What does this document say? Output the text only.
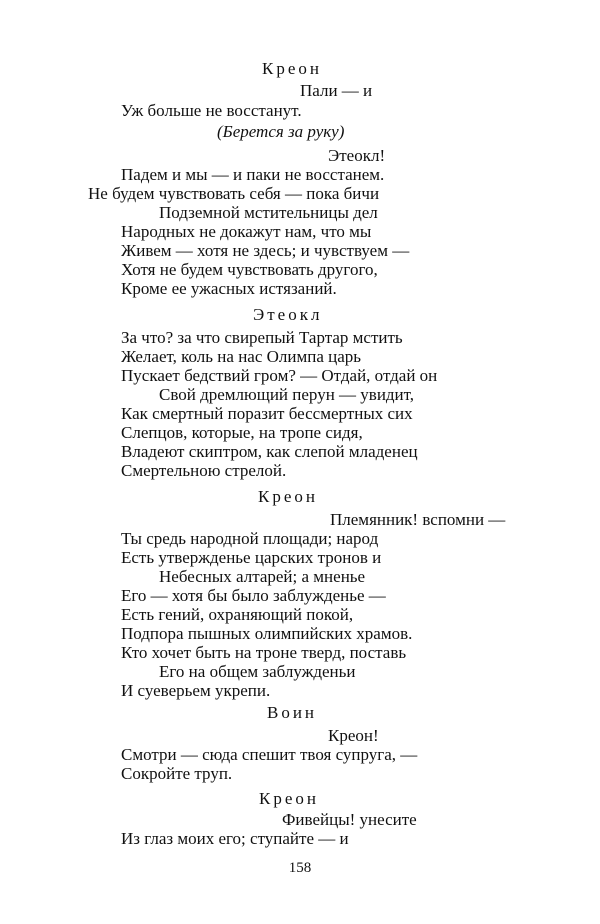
Креон
Пали — и
Уж больше не восстанут.
(Берется за руку)
Этеокл!
Падем и мы — и паки не восстанем.
Не будем чувствовать себя — пока бичи
Подземной мстительницы дел
Народных не докажут нам, что мы
Живем — хотя не здесь; и чувствуем —
Хотя не будем чувствовать другого,
Кроме ее ужасных истязаний.
Этеокл
За что? за что свирепый Тартар мстить
Желает, коль на нас Олимпа царь
Пускает бедствий гром? — Отдай, отдай он
Свой дремлющий перун — увидит,
Как смертный поразит бессмертных сих
Слепцов, которые, на тропе сидя,
Владеют скиптром, как слепой младенец
Смертельною стрелой.
Креон
Племянник! вспомни —
Ты средь народной площади; народ
Есть утвержденье царских тронов и
Небесных алтарей; а мненье
Его — хотя бы было заблужденье —
Есть гений, охраняющий покой,
Подпора пышных олимпийских храмов.
Кто хочет быть на троне тверд, поставь
Его на общем заблужденьи
И суеверьем укрепи.
Воин
Креон!
Смотри — сюда спешит твоя супруга, —
Сокройте труп.
Креон
Фивейцы! унесите
Из глаз моих его; ступайте — и
158
